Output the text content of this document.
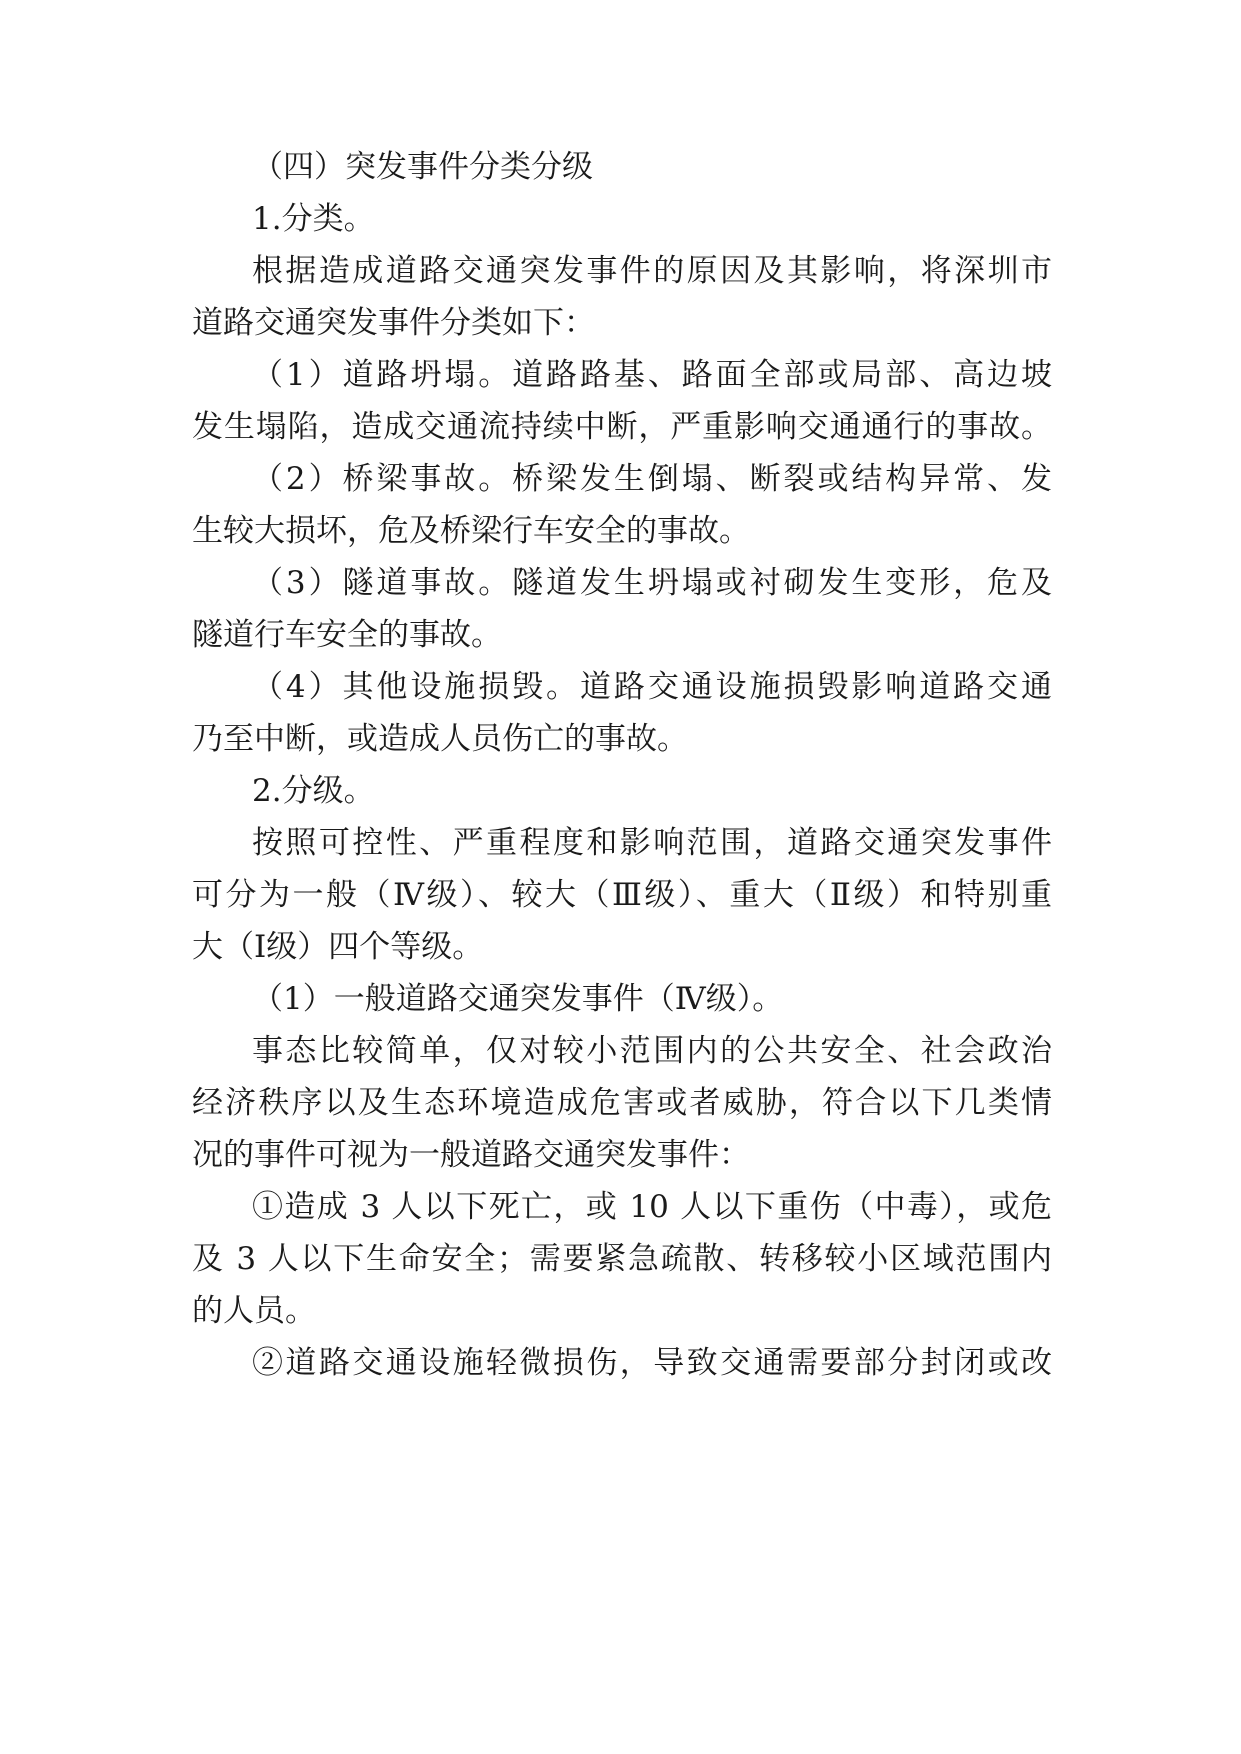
（四）突发事件分类分级
1.分类。
根据造成道路交通突发事件的原因及其影响，将深圳市
道路交通突发事件分类如下：
（1）道路坍塌。道路路基、路面全部或局部、高边坡
发生塌陷，造成交通流持续中断，严重影响交通通行的事故。
（2）桥梁事故。桥梁发生倒塌、断裂或结构异常、发
生较大损坏，危及桥梁行车安全的事故。
（3）隧道事故。隧道发生坍塌或衬砌发生变形，危及
隧道行车安全的事故。
（4）其他设施损毁。道路交通设施损毁影响道路交通
乃至中断，或造成人员伤亡的事故。
2.分级。
按照可控性、严重程度和影响范围，道路交通突发事件
可分为一般（Ⅳ级）、较大（Ⅲ级）、重大（Ⅱ级）和特别重
大（Ⅰ级）四个等级。
（1）一般道路交通突发事件（Ⅳ级）。
事态比较简单，仅对较小范围内的公共安全、社会政治
经济秩序以及生态环境造成危害或者威胁，符合以下几类情
况的事件可视为一般道路交通突发事件：
①造成 3 人以下死亡，或 10 人以下重伤（中毒），或危
及 3 人以下生命安全；需要紧急疏散、转移较小区域范围内
的人员。
②道路交通设施轻微损伤，导致交通需要部分封闭或改
